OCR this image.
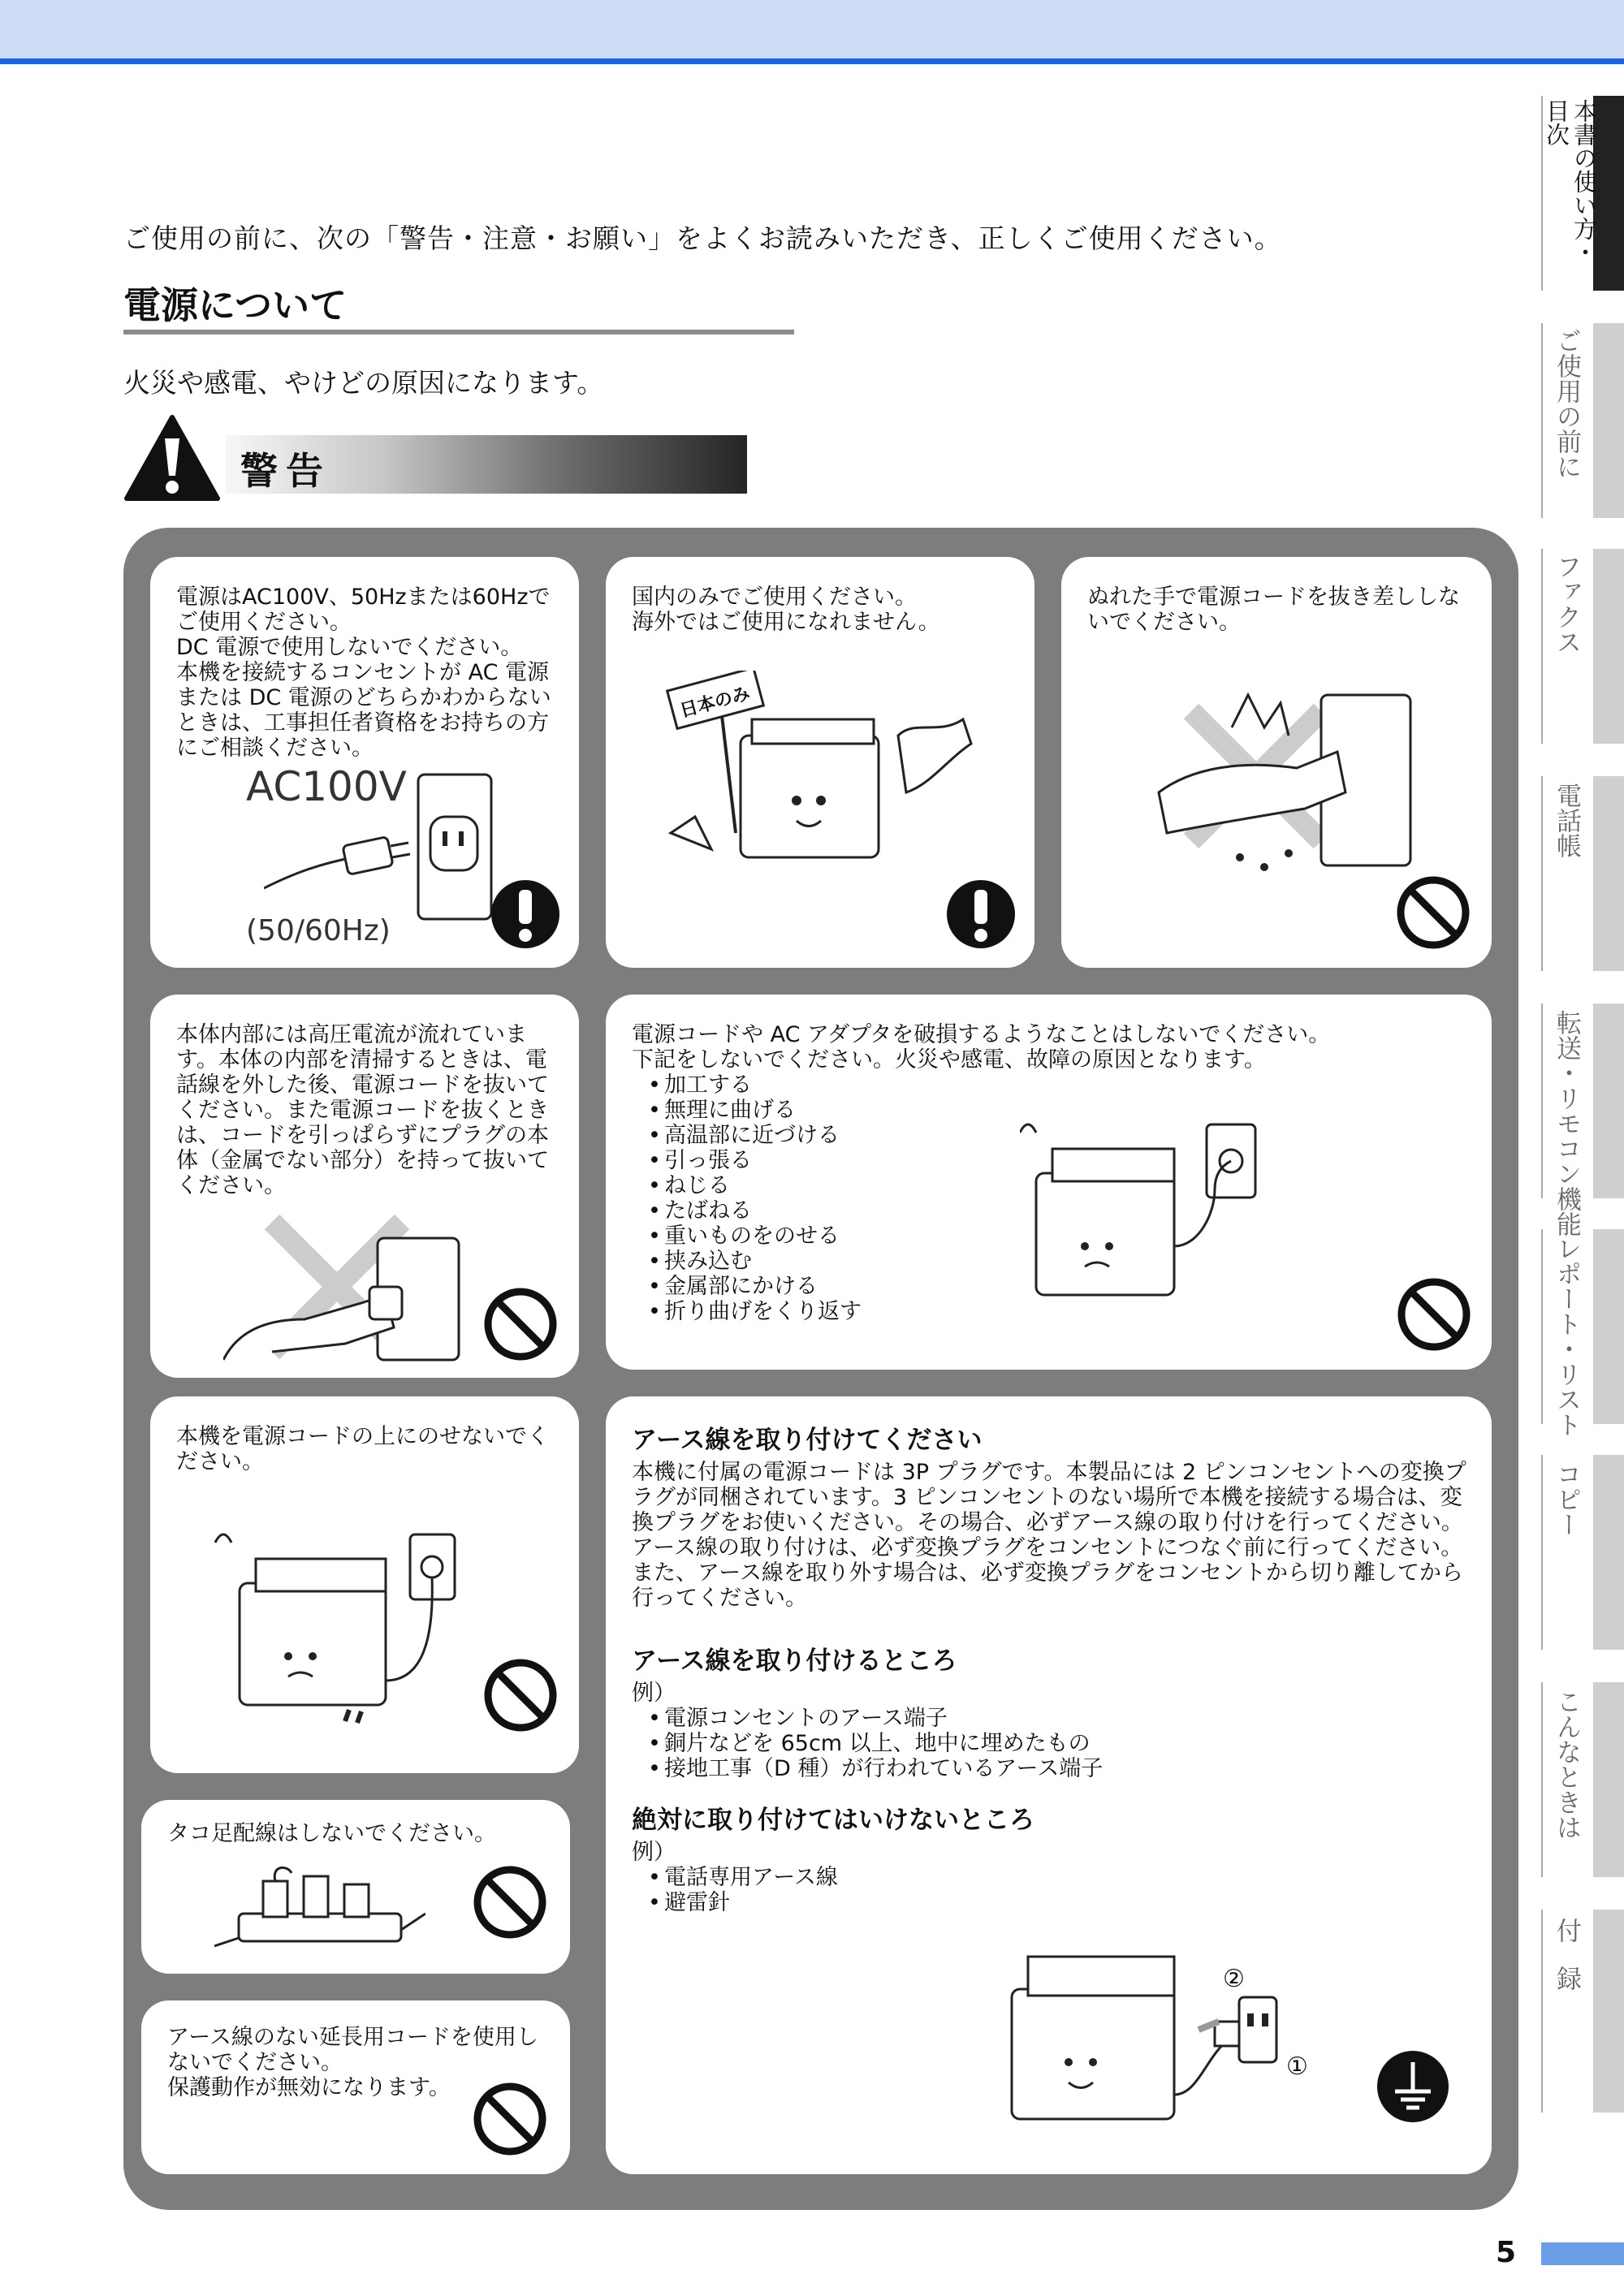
ご使用の前に、次の「警告・注意・お願い」をよくお読みいただき、正しくご使用ください。
電源について
火災や感電、やけどの原因になります。
警告

電源はAC100V、50Hzまたは60Hzでご使用ください。

DC 電源で使用しないでください。

本機を接続するコンセントが AC 電源または DC 電源のどちらかわからないときは、工事担任者資格をお持ちの方にご相談ください。

AC100V
(50/60Hz)

国内のみでご使用ください。

海外ではご使用になれません。

日本のみ

ぬれた手で電源コードを抜き差ししないでください。

本体内部には高圧電流が流れています。本体の内部を清掃するときは、電話線を外した後、電源コードを抜いてください。また電源コードを抜くときは、コードを引っぱらずにプラグの本体（金属でない部分）を持って抜いてください。

電源コードや AC アダプタを破損するようなことはしないでください。

下記をしないでください。火災や感電、故障の原因となります。

• 加工する
• 無理に曲げる
• 高温部に近づける
• 引っ張る
• ねじる
• たばねる
• 重いものをのせる
• 挟み込む
• 金属部にかける
• 折り曲げをくり返す

本機を電源コードの上にのせないでください。

タコ足配線はしないでください。

アース線のない延長用コードを使用しないでください。

保護動作が無効になります。

アース線を取り付けてください
本機に付属の電源コードは 3P プラグです。本製品には 2 ピンコンセントへの変換プラグが同梱されています。3 ピンコンセントのない場所で本機を接続する場合は、変換プラグをお使いください。その場合、必ずアース線の取り付けを行ってください。アース線の取り付けは、必ず変換プラグをコンセントにつなぐ前に行ってください。また、アース線を取り外す場合は、必ず変換プラグをコンセントから切り離してから行ってください。
アース線を取り付けるところ

例）

• 電源コンセントのアース端子
• 銅片などを 65cm 以上、地中に埋めたもの
• 接地工事（D 種）が行われているアース端子
絶対に取り付けてはいけないところ

例）

• 電話専用アース線
• 避雷針
②
①
目次 本書の使い方・
ご使用の前に
ファクス
電話帳
転送・リモコン機能
レポート・リスト
コピー
こんなときは
付録
5
